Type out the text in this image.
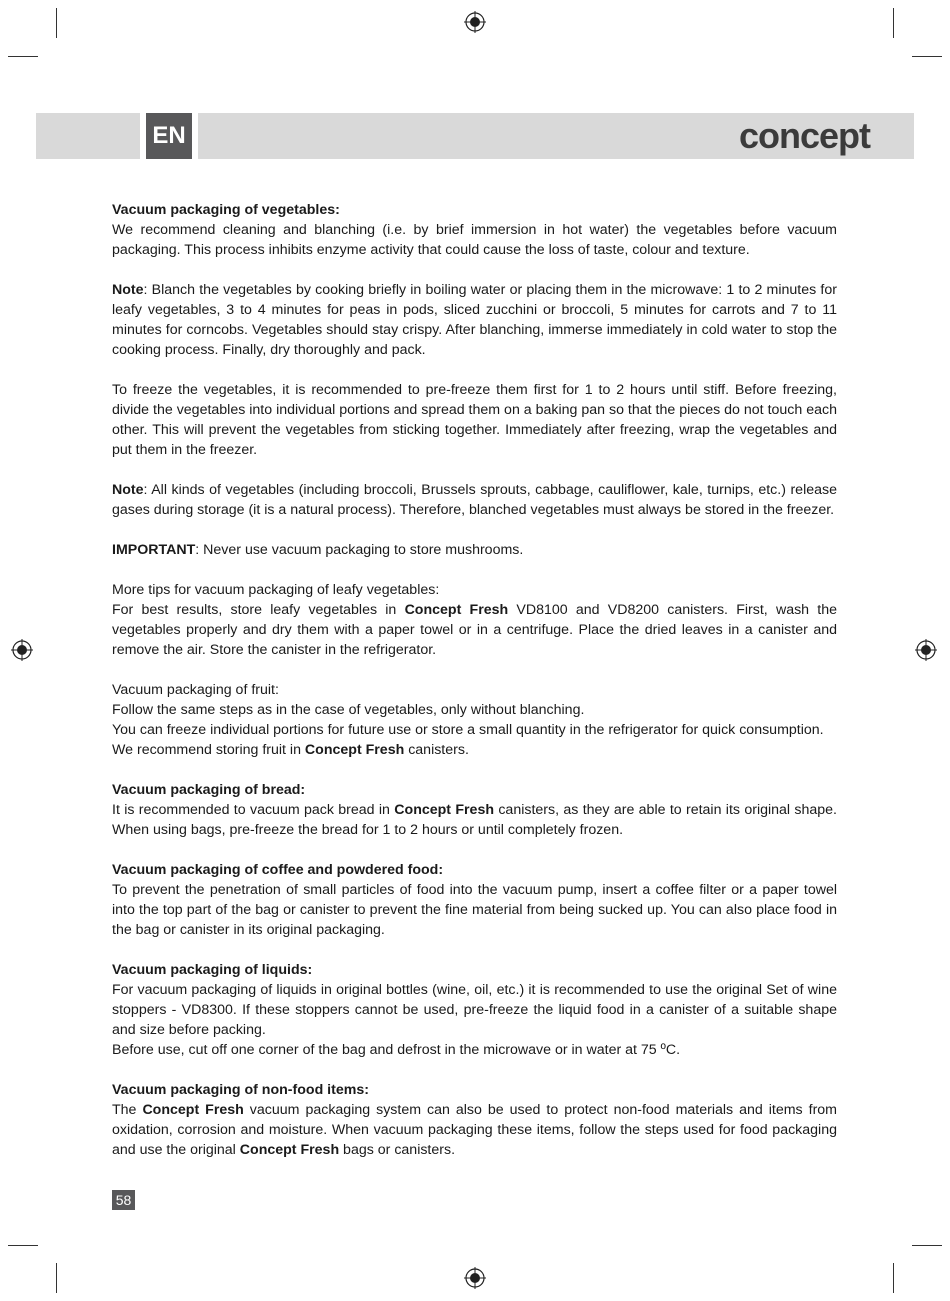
EN	concept

Vacuum packaging of vegetables:
We recommend cleaning and blanching (i.e. by brief immersion in hot water) the vegetables before vacuum packaging. This process inhibits enzyme activity that could cause the loss of taste, colour and texture.

Note: Blanch the vegetables by cooking briefly in boiling water or placing them in the microwave: 1 to 2 minutes for leafy vegetables, 3 to 4 minutes for peas in pods, sliced zucchini or broccoli, 5 minutes for carrots and 7 to 11 minutes for corncobs. Vegetables should stay crispy. After blanching, immerse immediately in cold water to stop the cooking process. Finally, dry thoroughly and pack.

To freeze the vegetables, it is recommended to pre-freeze them first for 1 to 2 hours until stiff. Before freezing, divide the vegetables into individual portions and spread them on a baking pan so that the pieces do not touch each other. This will prevent the vegetables from sticking together. Immediately after freezing, wrap the vegetables and put them in the freezer.

Note: All kinds of vegetables (including broccoli, Brussels sprouts, cabbage, cauliflower, kale, turnips, etc.) release gases during storage (it is a natural process). Therefore, blanched vegetables must always be stored in the freezer.

IMPORTANT: Never use vacuum packaging to store mushrooms.

More tips for vacuum packaging of leafy vegetables:
For best results, store leafy vegetables in Concept Fresh VD8100 and VD8200 canisters. First, wash the vegetables properly and dry them with a paper towel or in a centrifuge. Place the dried leaves in a canister and remove the air. Store the canister in the refrigerator.

Vacuum packaging of fruit:
Follow the same steps as in the case of vegetables, only without blanching.
You can freeze individual portions for future use or store a small quantity in the refrigerator for quick consumption.
We recommend storing fruit in Concept Fresh canisters.

Vacuum packaging of bread:
It is recommended to vacuum pack bread in Concept Fresh canisters, as they are able to retain its original shape. When using bags, pre-freeze the bread for 1 to 2 hours or until completely frozen.

Vacuum packaging of coffee and powdered food:
To prevent the penetration of small particles of food into the vacuum pump, insert a coffee filter or a paper towel into the top part of the bag or canister to prevent the fine material from being sucked up. You can also place food in the bag or canister in its original packaging.

Vacuum packaging of liquids:
For vacuum packaging of liquids in original bottles (wine, oil, etc.) it is recommended to use the original Set of wine stoppers - VD8300. If these stoppers cannot be used, pre-freeze the liquid food in a canister of a suitable shape and size before packing.
Before use, cut off one corner of the bag and defrost in the microwave or in water at 75 ºC.

Vacuum packaging of non-food items:
The Concept Fresh vacuum packaging system can also be used to protect non-food materials and items from oxidation, corrosion and moisture. When vacuum packaging these items, follow the steps used for food packaging and use the original Concept Fresh bags or canisters.

58
